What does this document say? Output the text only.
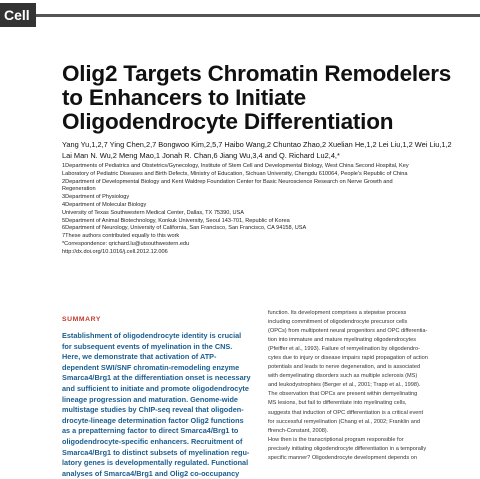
Cell
Olig2 Targets Chromatin Remodelers
to Enhancers to Initiate
Oligodendrocyte Differentiation
Yang Yu,1,2,7 Ying Chen,2,7 Bongwoo Kim,2,5,7 Haibo Wang,2 Chuntao Zhao,2 Xuelian He,1,2 Lei Liu,1,2 Wei Liu,1,2
Lai Man N. Wu,2 Meng Mao,1 Jonah R. Chan,6 Jiang Wu,3,4 and Q. Richard Lu2,4,*
1Departments of Pediatrics and Obstetrics/Gynecology, Institute of Stem Cell and Developmental Biology, West China Second Hospital, Key
Laboratory of Pediatric Diseases and Birth Defects, Ministry of Education, Sichuan University, Chengdu 610064, People's Republic of China
2Department of Developmental Biology and Kent Waldrep Foundation Center for Basic Neuroscience Research on Nerve Growth and
Regeneration
3Department of Physiology
4Department of Molecular Biology
University of Texas Southwestern Medical Center, Dallas, TX 75390, USA
5Department of Animal Biotechnology, Konkuk University, Seoul 143-701, Republic of Korea
6Department of Neurology, University of California, San Francisco, San Francisco, CA 94158, USA
7These authors contributed equally to this work
*Correspondence: qrichard.lu@utsouthwestern.edu
http://dx.doi.org/10.1016/j.cell.2012.12.006
SUMMARY
Establishment of oligodendrocyte identity is crucial
for subsequent events of myelination in the CNS.
Here, we demonstrate that activation of ATP-
dependent SWI/SNF chromatin-remodeling enzyme
Smarca4/Brg1 at the differentiation onset is necessary
and sufficient to initiate and promote oligodendrocyte
lineage progression and maturation. Genome-wide
multistage studies by ChIP-seq reveal that oligoden-
drocyte-lineage determination factor Olig2 functions
as a prepatterning factor to direct Smarca4/Brg1 to
oligodendrocyte-specific enhancers. Recruitment of
Smarca4/Brg1 to distinct subsets of myelination regu-
latory genes is developmentally regulated. Functional
analyses of Smarca4/Brg1 and Olig2 co-occupancy
function. Its development comprises a stepwise process
including commitment of oligodendrocyte precursor cells
(OPCs) from multipotent neural progenitors and OPC differentia-
tion into immature and mature myelinating oligodendrocytes
(Pfeiffer et al., 1993). Failure of remyelination by oligodendro-
cytes due to injury or disease impairs rapid propagation of action
potentials and leads to nerve degeneration, and is associated
with demyelinating disorders such as multiple sclerosis (MS)
and leukodystrophies (Berger et al., 2001; Trapp et al., 1998).
The observation that OPCs are present within demyelinating
MS lesions, but fail to differentiate into myelinating cells,
suggests that induction of OPC differentiation is a critical event
for successful remyelination (Chang et al., 2002; Franklin and
ffrench-Constant, 2008).
How then is the transcriptional program responsible for
precisely initiating oligodendrocyte differentiation in a temporally
specific manner? Oligodendrocyte development depends on
